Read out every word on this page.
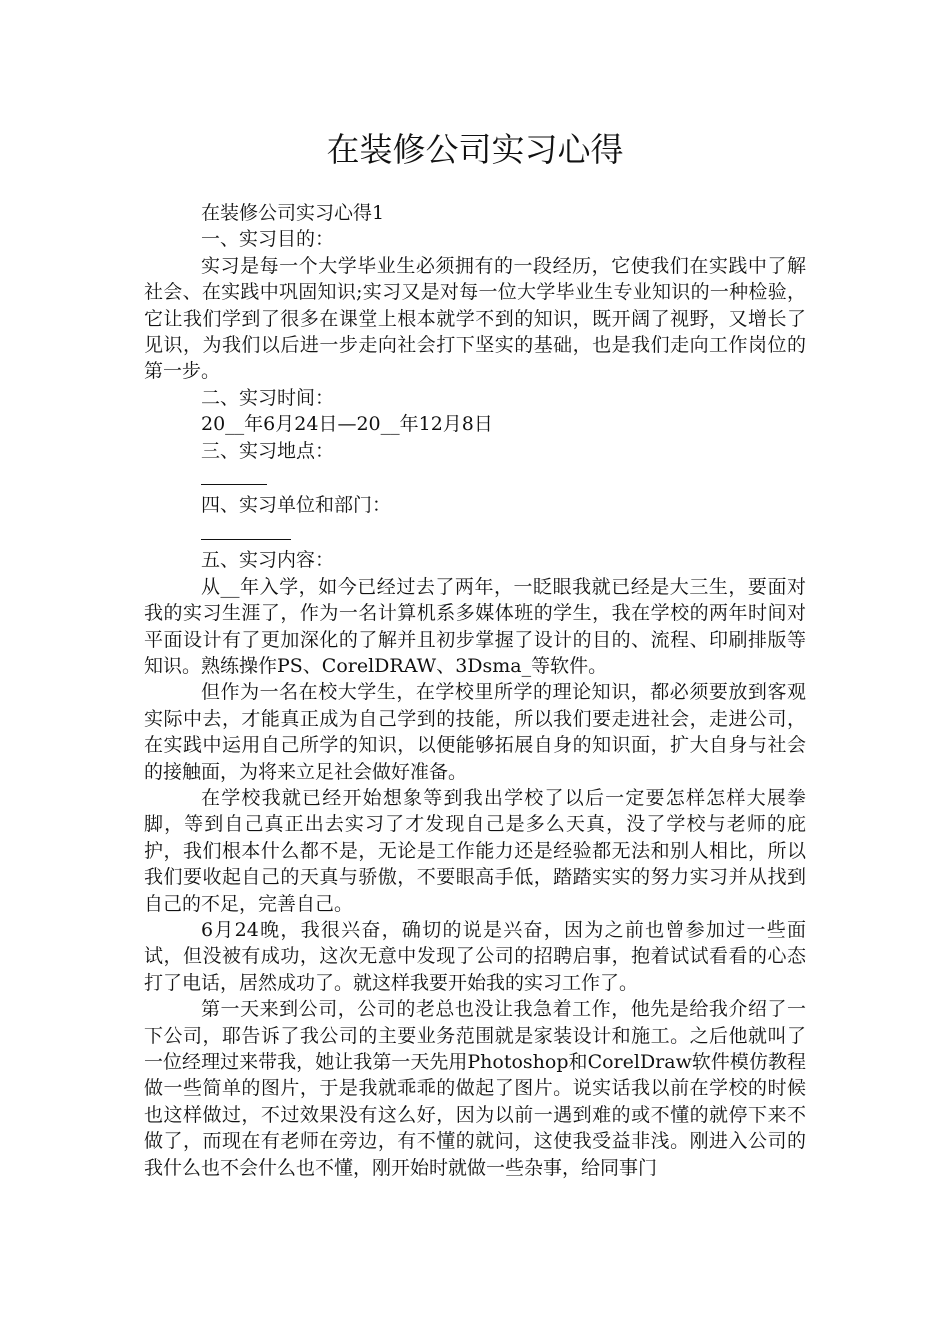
在装修公司实习心得

在装修公司实习心得1

一、实习目的：

实习是每一个大学毕业生必须拥有的一段经历，它使我们在实践中了解社会、在实践中巩固知识;实习又是对每一位大学毕业生专业知识的一种检验，它让我们学到了很多在课堂上根本就学不到的知识，既开阔了视野，又增长了见识，为我们以后进一步走向社会打下坚实的基础，也是我们走向工作岗位的第一步。

二、实习时间：

20__年6月24日—20__年12月8日

三、实习地点：

四、实习单位和部门：

五、实习内容：

从__年入学，如今已经过去了两年，一眨眼我就已经是大三生，要面对我的实习生涯了，作为一名计算机系多媒体班的学生，我在学校的两年时间对平面设计有了更加深化的了解并且初步掌握了设计的目的、流程、印刷排版等知识。熟练操作PS、CorelDRAW、3Dsma_等软件。

但作为一名在校大学生，在学校里所学的理论知识，都必须要放到客观实际中去，才能真正成为自己学到的技能，所以我们要走进社会，走进公司，在实践中运用自己所学的知识，以便能够拓展自身的知识面，扩大自身与社会的接触面，为将来立足社会做好准备。

在学校我就已经开始想象等到我出学校了以后一定要怎样怎样大展拳脚，等到自己真正出去实习了才发现自己是多么天真，没了学校与老师的庇护，我们根本什么都不是，无论是工作能力还是经验都无法和别人相比，所以我们要收起自己的天真与骄傲，不要眼高手低，踏踏实实的努力实习并从找到自己的不足，完善自己。

6月24晚，我很兴奋，确切的说是兴奋，因为之前也曾参加过一些面试，但没被有成功，这次无意中发现了公司的招聘启事，抱着试试看看的心态打了电话，居然成功了。就这样我要开始我的实习工作了。

第一天来到公司，公司的老总也没让我急着工作，他先是给我介绍了一下公司，耶告诉了我公司的主要业务范围就是家装设计和施工。之后他就叫了一位经理过来带我，她让我第一天先用Photoshop和CorelDraw软件模仿教程做一些简单的图片，于是我就乖乖的做起了图片。说实话我以前在学校的时候也这样做过，不过效果没有这么好，因为以前一遇到难的或不懂的就停下来不做了，而现在有老师在旁边，有不懂的就问，这使我受益非浅。刚进入公司的我什么也不会什么也不懂，刚开始时就做一些杂事，给同事门
